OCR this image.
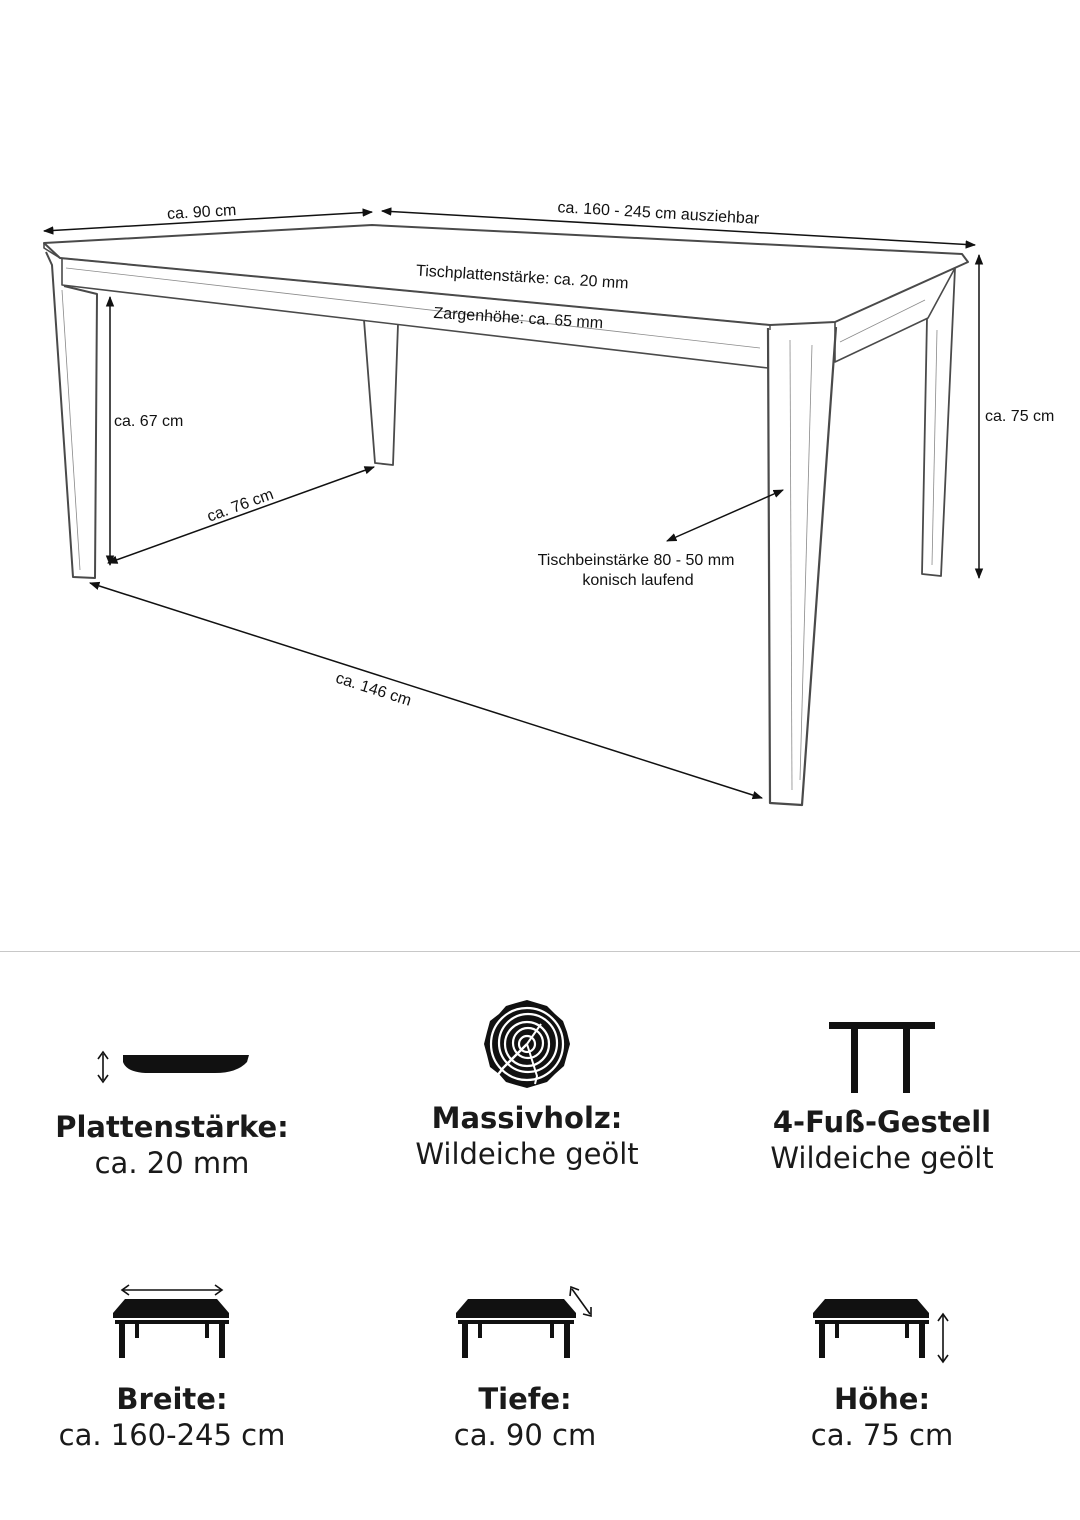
ca. 90 cm	ca. 160 - 245 cm ausziehbar
Tischplattenstärke: ca. 20 mm
Zargenhöhe: ca. 65 mm
ca. 67 cm	ca. 75 cm
ca. 76 cm
ca. 146 cm
Tischbeinstärke 80 - 50 mm
konisch laufend
Plattenstärke:
ca. 20 mm
Massivholz:
Wildeiche geölt
4-Fuß-Gestell
Wildeiche geölt
Breite:
ca. 160-245 cm
Tiefe:
ca. 90 cm
Höhe:
ca. 75 cm
